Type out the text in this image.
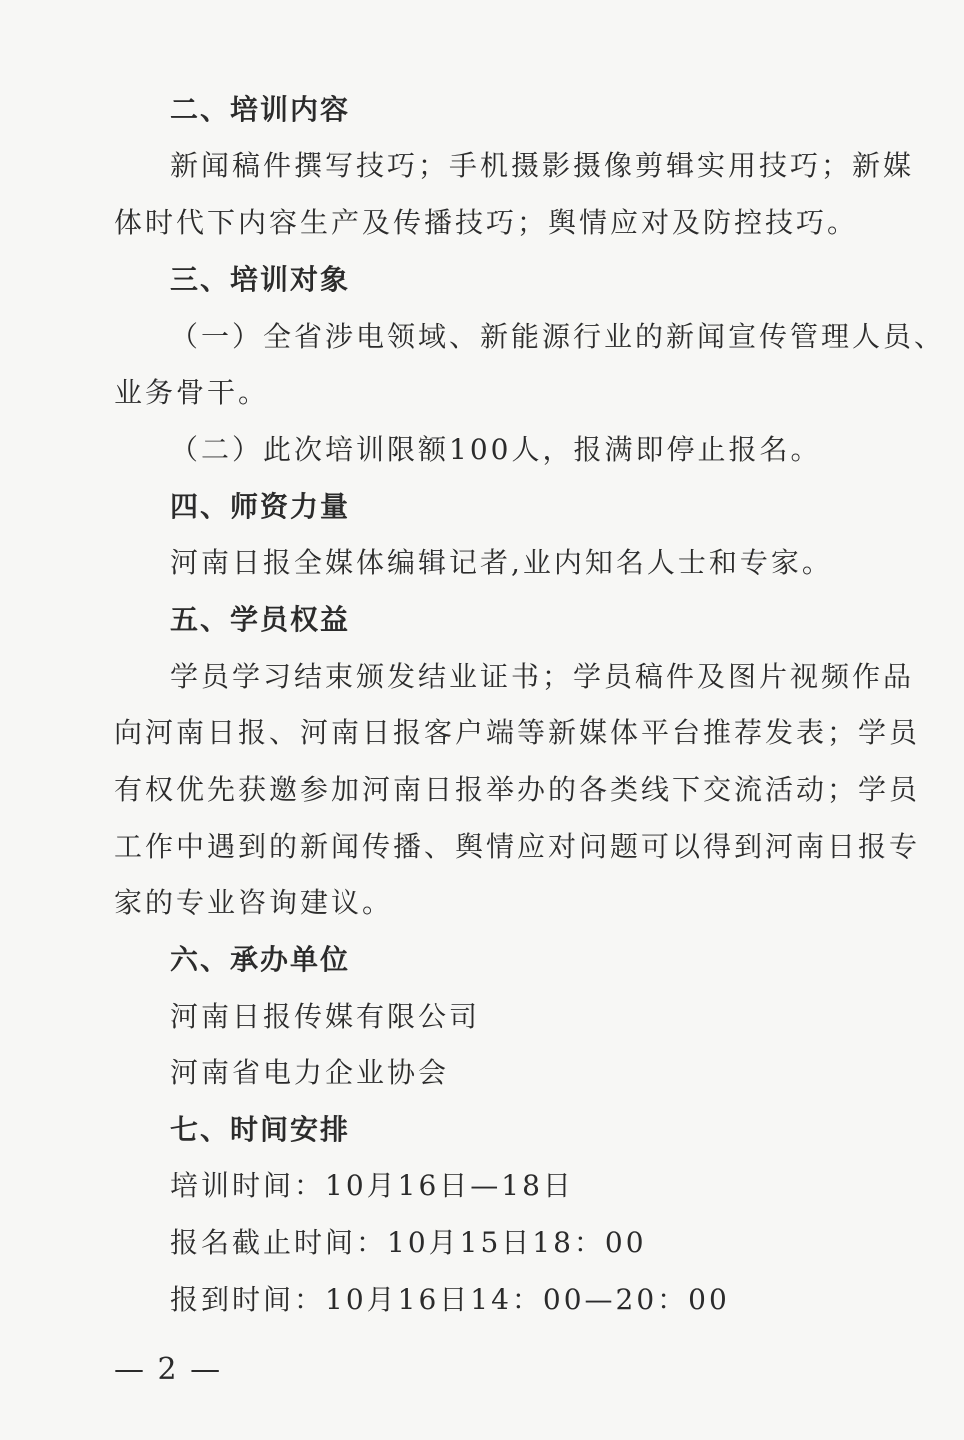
二、培训内容
新闻稿件撰写技巧；手机摄影摄像剪辑实用技巧；新媒
体时代下内容生产及传播技巧；舆情应对及防控技巧。
三、培训对象
（一）全省涉电领域、新能源行业的新闻宣传管理人员、
业务骨干。
（二）此次培训限额100人，报满即停止报名。
四、师资力量
河南日报全媒体编辑记者,业内知名人士和专家。
五、学员权益
学员学习结束颁发结业证书；学员稿件及图片视频作品
向河南日报、河南日报客户端等新媒体平台推荐发表；学员
有权优先获邀参加河南日报举办的各类线下交流活动；学员
工作中遇到的新闻传播、舆情应对问题可以得到河南日报专
家的专业咨询建议。
六、承办单位
河南日报传媒有限公司
河南省电力企业协会
七、时间安排
培训时间：10月16日—18日
报名截止时间：10月15日18：00
报到时间：10月16日14：00—20：00
— 2 —
